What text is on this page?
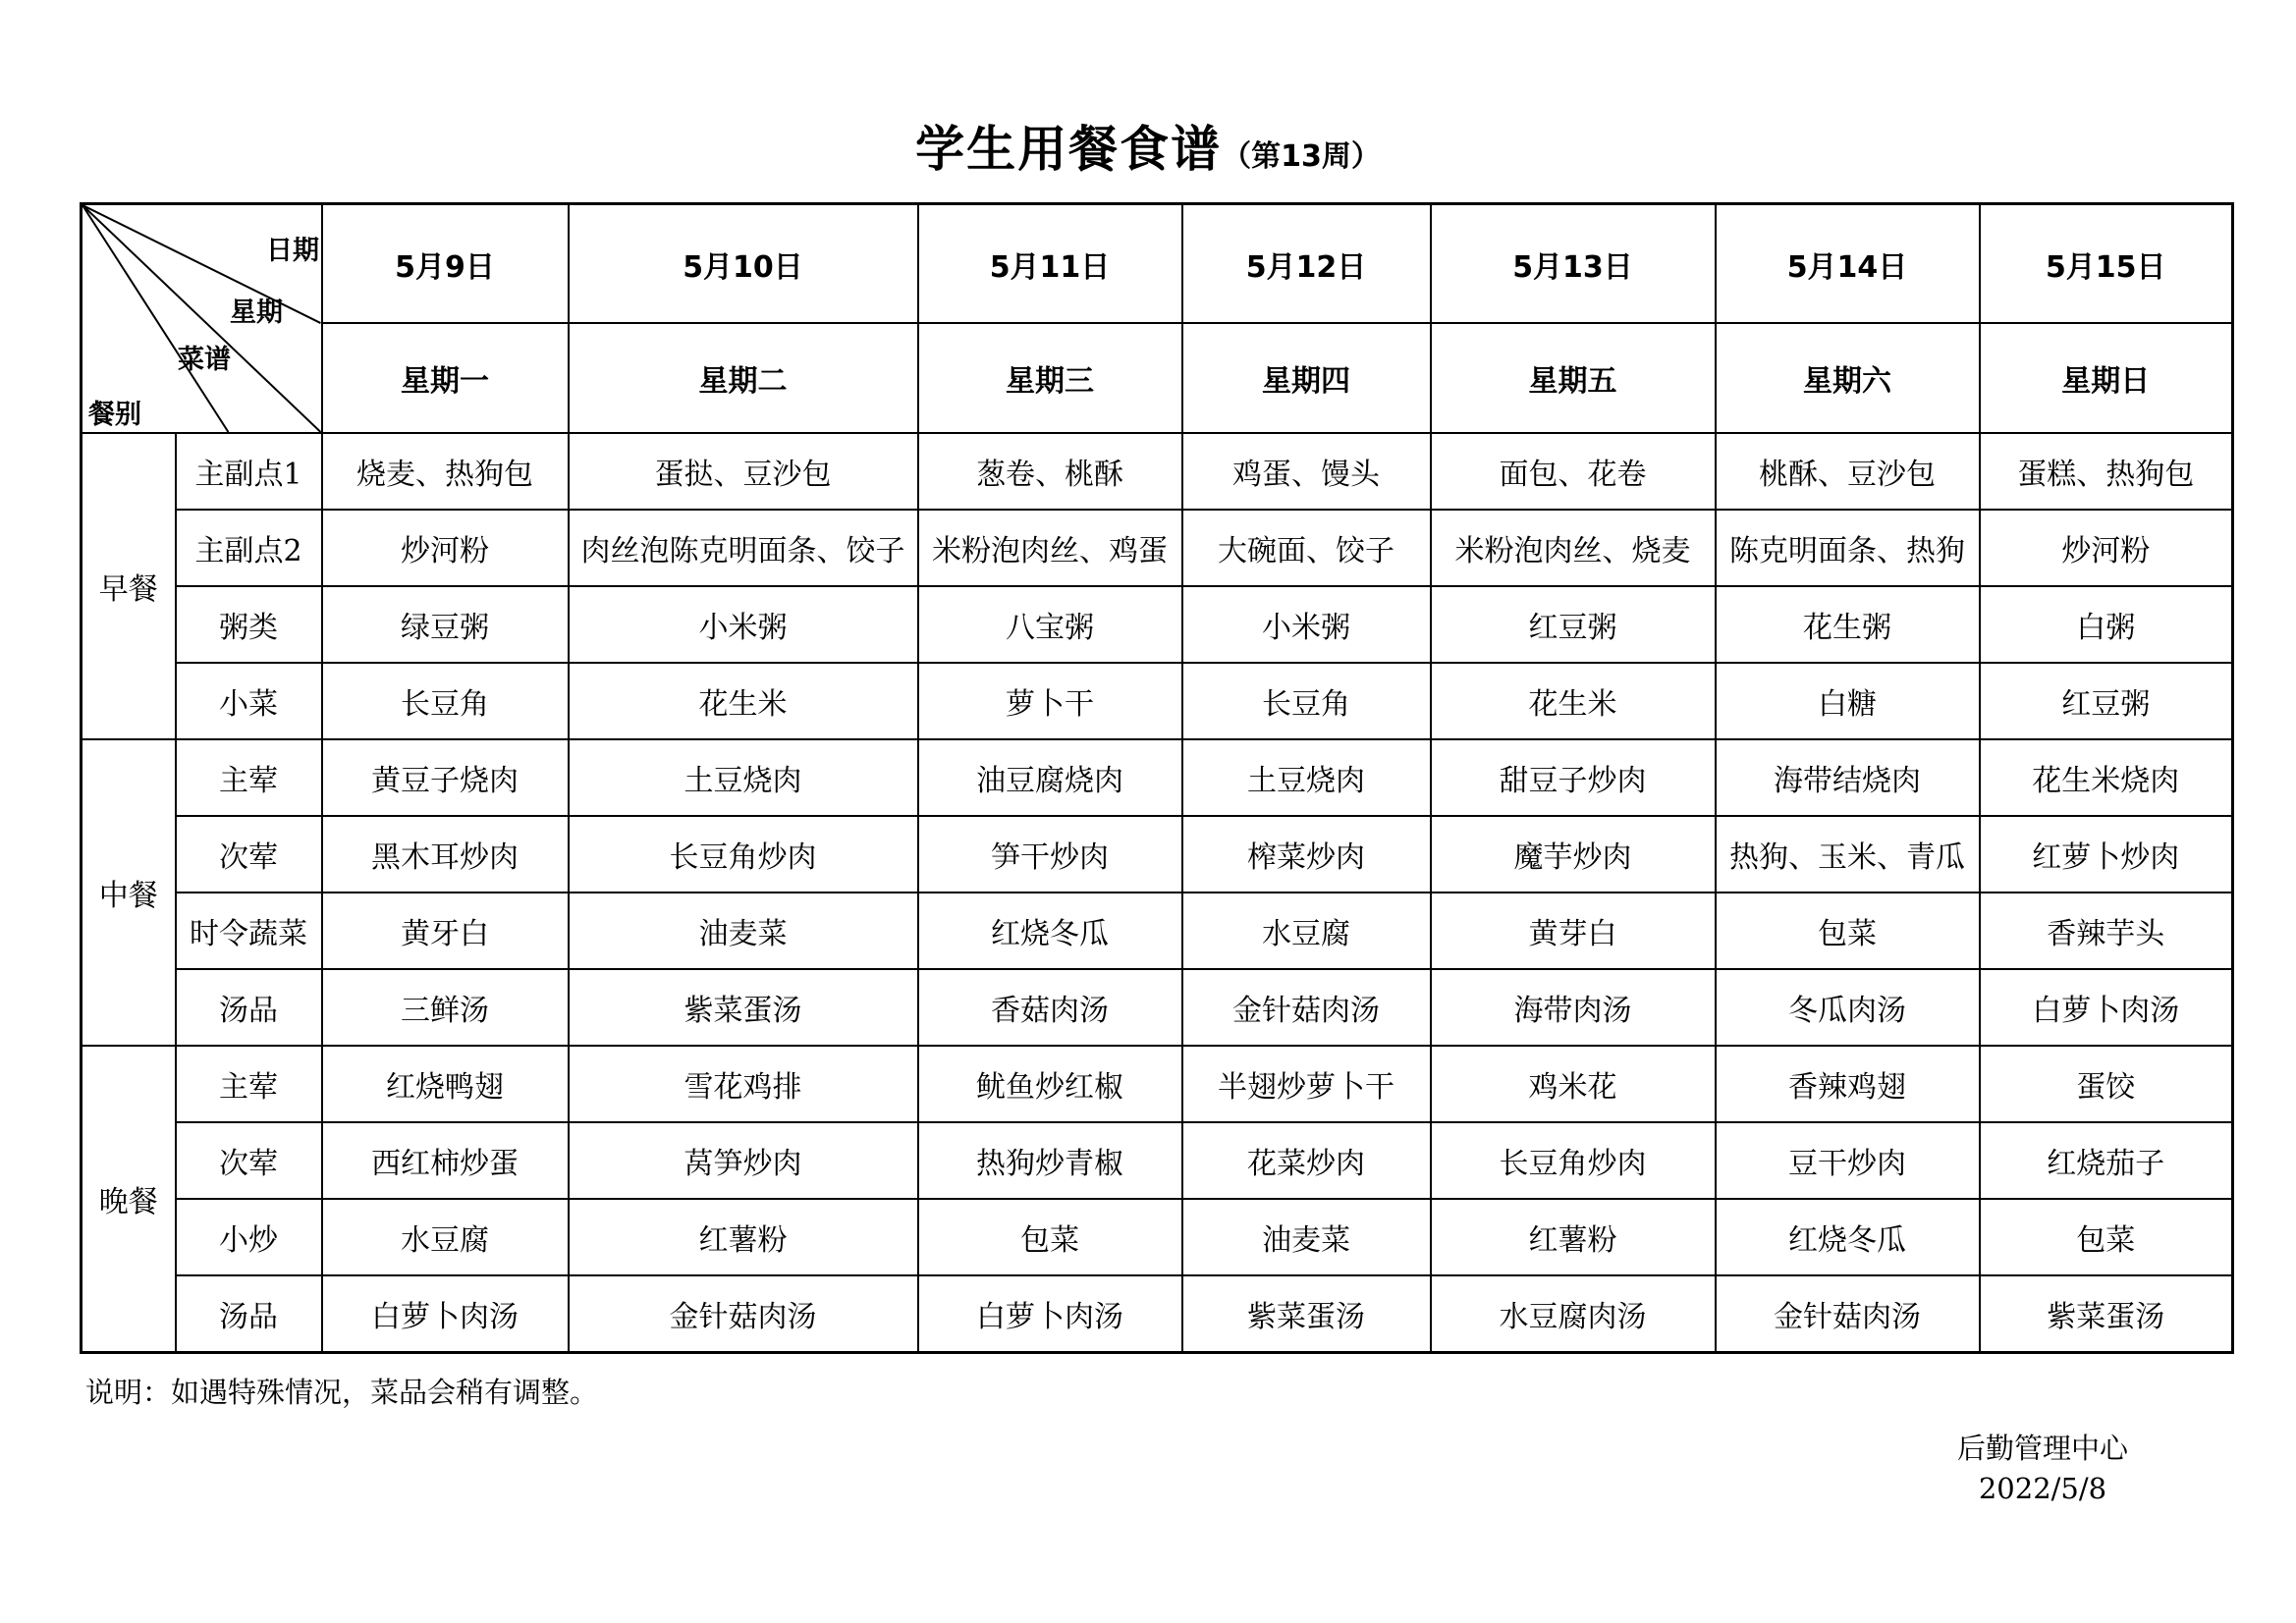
学生用餐食谱（第13周）
日期
星期
菜谱
餐别		5月9日	5月10日	5月11日	5月12日	5月13日	5月14日	5月15日
		星期一	星期二	星期三	星期四	星期五	星期六	星期日
早餐	主副点1	烧麦、热狗包	蛋挞、豆沙包	葱卷、桃酥	鸡蛋、馒头	面包、花卷	桃酥、豆沙包	蛋糕、热狗包
	主副点2	炒河粉	肉丝泡陈克明面条、饺子	米粉泡肉丝、鸡蛋	大碗面、饺子	米粉泡肉丝、烧麦	陈克明面条、热狗	炒河粉
	粥类	绿豆粥	小米粥	八宝粥	小米粥	红豆粥	花生粥	白粥
	小菜	长豆角	花生米	萝卜干	长豆角	花生米	白糖	红豆粥
中餐	主荤	黄豆子烧肉	土豆烧肉	油豆腐烧肉	土豆烧肉	甜豆子炒肉	海带结烧肉	花生米烧肉
	次荤	黑木耳炒肉	长豆角炒肉	笋干炒肉	榨菜炒肉	魔芋炒肉	热狗、玉米、青瓜	红萝卜炒肉
	时令蔬菜	黄牙白	油麦菜	红烧冬瓜	水豆腐	黄芽白	包菜	香辣芋头
	汤品	三鲜汤	紫菜蛋汤	香菇肉汤	金针菇肉汤	海带肉汤	冬瓜肉汤	白萝卜肉汤
晚餐	主荤	红烧鸭翅	雪花鸡排	鱿鱼炒红椒	半翅炒萝卜干	鸡米花	香辣鸡翅	蛋饺
	次荤	西红柿炒蛋	莴笋炒肉	热狗炒青椒	花菜炒肉	长豆角炒肉	豆干炒肉	红烧茄子
	小炒	水豆腐	红薯粉	包菜	油麦菜	红薯粉	红烧冬瓜	包菜
	汤品	白萝卜肉汤	金针菇肉汤	白萝卜肉汤	紫菜蛋汤	水豆腐肉汤	金针菇肉汤	紫菜蛋汤
说明：如遇特殊情况，菜品会稍有调整。
后勤管理中心
2022/5/8
